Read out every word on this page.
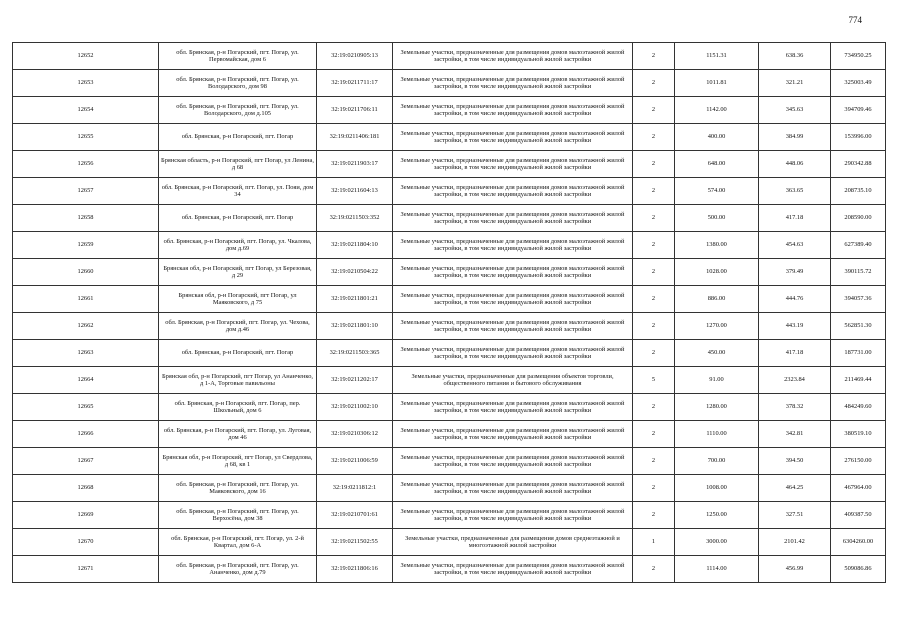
774
12652	обл. Брянская, р-н Погарский, пгт. Погар, ул. Первомайская, дом 6	32:19:0210905:13	Земельные участки, предназначенные для размещения домов малоэтажной жилой застройки, в том числе индивидуальной жилой застройки	2	1151.31	638.36	734950.25
12653	обл. Брянская, р-н Погарский, пгт. Погар, ул. Володарского, дом 98	32:19:0211711:17	Земельные участки, предназначенные для размещения домов малоэтажной жилой застройки, в том числе индивидуальной жилой застройки	2	1011.81	321.21	325003.49
12654	обл. Брянская, р-н Погарский, пгт. Погар, ул. Володарского, дом д.105	32:19:0211706:11	Земельные участки, предназначенные для размещения домов малоэтажной жилой застройки, в том числе индивидуальной жилой застройки	2	1142.00	345.63	394709.46
12655	обл. Брянская, р-н Погарский, пгт. Погар	32:19:0211406:181	Земельные участки, предназначенные для размещения домов малоэтажной жилой застройки, в том числе индивидуальной жилой застройки	2	400.00	384.99	153996.00
12656	Брянская область, р-н Погарский, пгт Погар, ул Ленина, д 68	32:19:0211903:17	Земельные участки, предназначенные для размещения домов малоэтажной жилой застройки, в том числе индивидуальной жилой застройки	2	648.00	448.06	290342.88
12657	обл. Брянская, р-н Погарский, пгт. Погар, ул. Пояи, дом 34	32:19:0211604:13	Земельные участки, предназначенные для размещения домов малоэтажной жилой застройки, в том числе индивидуальной жилой застройки	2	574.00	363.65	208735.10
12658	обл. Брянская, р-н Погарский, пгт. Погар	32:19:0211503:352	Земельные участки, предназначенные для размещения домов малоэтажной жилой застройки, в том числе индивидуальной жилой застройки	2	500.00	417.18	208590.00
12659	обл. Брянская, р-н Погарский, пгт. Погар, ул. Чкалова, дом д.69	32:19:0211804:10	Земельные участки, предназначенные для размещения домов малоэтажной жилой застройки, в том числе индивидуальной жилой застройки	2	1380.00	454.63	627389.40
12660	Брянская обл, р-н Погарский, пгт Погар, ул Березовая, д 29	32:19:0210504:22	Земельные участки, предназначенные для размещения домов малоэтажной жилой застройки, в том числе индивидуальной жилой застройки	2	1028.00	379.49	390115.72
12661	Брянская обл, р-н Погарский, пгт Погар, ул Маяковского, д 75	32:19:0211801:21	Земельные участки, предназначенные для размещения домов малоэтажной жилой застройки, в том числе индивидуальной жилой застройки	2	886.00	444.76	394057.36
12662	обл. Брянская, р-н Погарский, пгт. Погар, ул. Чехова, дом д.46	32:19:0211801:10	Земельные участки, предназначенные для размещения домов малоэтажной жилой застройки, в том числе индивидуальной жилой застройки	2	1270.00	443.19	562851.30
12663	обл. Брянская, р-н Погарский, пгт. Погар	32:19:0211503:365	Земельные участки, предназначенные для размещения домов малоэтажной жилой застройки, в том числе индивидуальной жилой застройки	2	450.00	417.18	187731.00
12664	Брянская обл, р-н Погарский, пгт Погар, ул Ананченко, д 1-А, Торговые павильоны	32:19:0211202:17	Земельные участки, предназначенные для размещения объектов торговли, общественного питания и бытового обслуживания	5	91.00	2323.84	211469.44
12665	обл. Брянская, р-н Погарский, пгт. Погар, пер. Школьный, дом 6	32:19:0211002:10	Земельные участки, предназначенные для размещения домов малоэтажной жилой застройки, в том числе индивидуальной жилой застройки	2	1280.00	378.32	484249.60
12666	обл. Брянская, р-н Погарский, пгт. Погар, ул. Луговая, дом 46	32:19:0210306:12	Земельные участки, предназначенные для размещения домов малоэтажной жилой застройки, в том числе индивидуальной жилой застройки	2	1110.00	342.81	380519.10
12667	Брянская обл, р-н Погарский, пгт Погар, ул Свердлова, д 68, кв 1	32:19:0211006:59	Земельные участки, предназначенные для размещения домов малоэтажной жилой застройки, в том числе индивидуальной жилой застройки	2	700.00	394.50	276150.00
12668	обл. Брянская, р-н Погарский, пгт. Погар, ул. Маяковского, дом 16	32:19:0211812:1	Земельные участки, предназначенные для размещения домов малоэтажной жилой застройки, в том числе индивидуальной жилой застройки	2	1008.00	464.25	467964.00
12669	обл. Брянская, р-н Погарский, пгт. Погар, ул. Верхосёна, дом 38	32:19:0210701:61	Земельные участки, предназначенные для размещения домов малоэтажной жилой застройки, в том числе индивидуальной жилой застройки	2	1250.00	327.51	409387.50
12670	обл. Брянская, р-н Погарский, пгт. Погар, ул. 2-й Квартал, дом 6-А	32:19:0211502:55	Земельные участки, предназначенные для размещения домов среднеэтажной и многоэтажной жилой застройки	1	3000.00	2101.42	6304260.00
12671	обл. Брянская, р-н Погарский, пгт. Погар, ул. Ананченко, дом д.79	32:19:0211806:16	Земельные участки, предназначенные для размещения домов малоэтажной жилой застройки, в том числе индивидуальной жилой застройки	2	1114.00	456.99	509086.86
